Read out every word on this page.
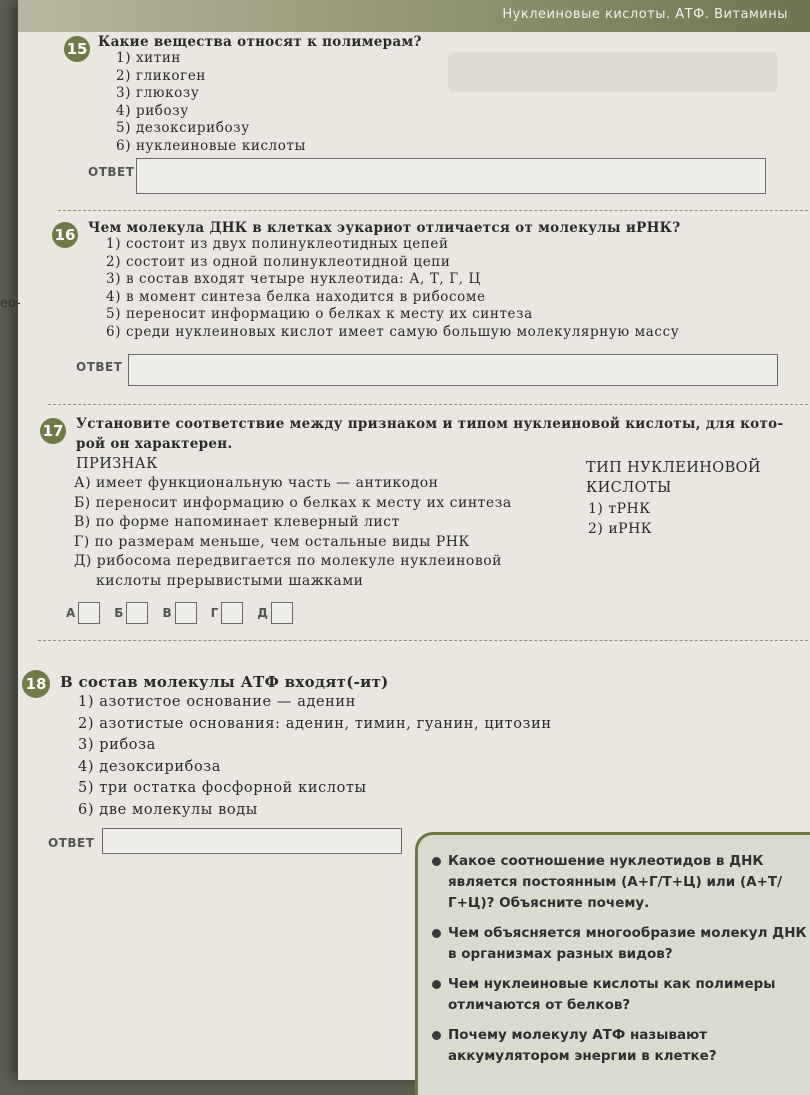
Нуклеиновые кислоты. АТФ. Витамины
15 Какие вещества относят к полимерам?
1) хитин
2) гликоген
3) глюкозу
4) рибозу
5) дезоксирибозу
6) нуклеиновые кислоты
ОТВЕТ
16 Чем молекула ДНК в клетках эукариот отличается от молекулы иРНК?
1) состоит из двух полинуклеотидных цепей
2) состоит из одной полинуклеотидной цепи
3) в состав входят четыре нуклеотида: А, Т, Г, Ц
4) в момент синтеза белка находится в рибосоме
5) переносит информацию о белках к месту их синтеза
6) среди нуклеиновых кислот имеет самую большую молекулярную массу
ОТВЕТ
17 Установите соответствие между признаком и типом нуклеиновой кислоты, для кото-
рой он характерен.
ПРИЗНАК
А) имеет функциональную часть — антикодон
Б) переносит информацию о белках к месту их синтеза
В) по форме напоминает клеверный лист
Г) по размерам меньше, чем остальные виды РНК
Д) рибосома передвигается по молекуле нуклеиновой
кислоты прерывистыми шажками
ТИП НУКЛЕИНОВОЙ
КИСЛОТЫ
1) тРНК
2) иРНК
А	Б	В	Г	Д
18 В состав молекулы АТФ входят(-ит)
1) азотистое основание — аденин
2) азотистые основания: аденин, тимин, гуанин, цитозин
3) рибоза
4) дезоксирибоза
5) три остатка фосфорной кислоты
6) две молекулы воды
ОТВЕТ
ео-
Какое соотношение нуклеотидов в ДНК является постоянным (А+Г/Т+Ц) или (А+Т/Г+Ц)? Объясните почему.
Чем объясняется многообразие молекул ДНК в организмах разных видов?
Чем нуклеиновые кислоты как полимеры отличаются от белков?
Почему молекулу АТФ называют аккумулятором энергии в клетке?
